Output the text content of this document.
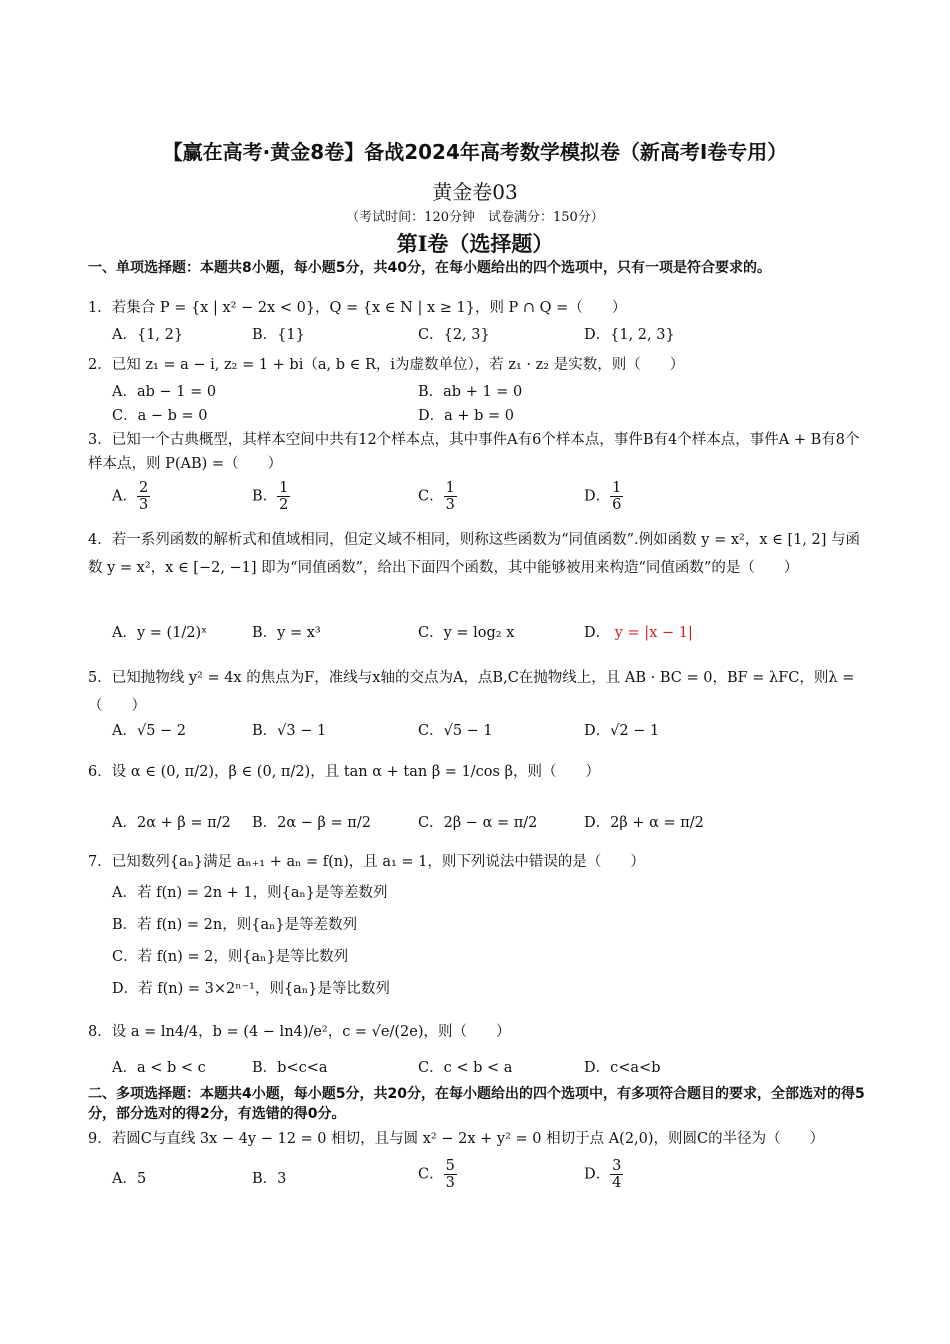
【赢在高考·黄金8卷】备战2024年高考数学模拟卷（新高考Ⅰ卷专用）
黄金卷03
（考试时间：120分钟　试卷满分：150分）
第Ⅰ卷（选择题）
一、单项选择题：本题共8小题，每小题5分，共40分，在每小题给出的四个选项中，只有一项是符合要求的。
1．若集合 P = {x | x² − 2x < 0}，Q = {x ∈ N | x ≥ 1}，则 P ∩ Q =（　　）
A．{1, 2}	B．{1}	C．{2, 3}	D．{1, 2, 3}
2．已知 z₁ = a − i, z₂ = 1 + bi（a, b ∈ R，i为虚数单位），若 z₁ · z₂ 是实数，则（　　）
A．ab − 1 = 0	B．ab + 1 = 0
C．a − b = 0	D．a + b = 0
3．已知一个古典概型，其样本空间中共有12个样本点，其中事件A有6个样本点，事件B有4个样本点，事件A + B有8个样本点，则 P(AB) =（　　）
A． $\frac{2}{3}$	B． $\frac{1}{2}$	C． $\frac{1}{3}$	D． $\frac{1}{6}$
4．若一系列函数的解析式和值域相同，但定义域不相同，则称这些函数为“同值函数”.例如函数 y = x²，x ∈ [1, 2] 与函数 y = x²，x ∈ [−2, −1] 即为“同值函数”，给出下面四个函数，其中能够被用来构造“同值函数”的是（　　）
A．y = (1/2)ˣ	B．y = x³	C．y = log₂ x	D． y = |x − 1|
5．已知抛物线 y² = 4x 的焦点为F，准线与x轴的交点为A，点B,C在抛物线上，且 AB · BC = 0，BF = λFC，则λ =（　　）
A．√5 − 2	B．√3 − 1	C．√5 − 1	D．√2 − 1
6．设 α ∈ (0, π/2)，β ∈ (0, π/2)，且 tan α + tan β = 1/cos β，则（　　）
A．2α + β = π/2 B．2α − β = π/2	C．2β − α = π/2	D．2β + α = π/2
7．已知数列{aₙ}满足 aₙ₊₁ + aₙ = f(n)，且 a₁ = 1，则下列说法中错误的是（　　）
A．若 f(n) = 2n + 1，则{aₙ}是等差数列
B．若 f(n) = 2n，则{aₙ}是等差数列
C．若 f(n) = 2，则{aₙ}是等比数列
D．若 f(n) = 3×2ⁿ⁻¹，则{aₙ}是等比数列
8．设 a = ln4/4，b = (4 − ln4)/e²，c = √e/(2e)，则（　　）
A．a < b < c	B．b<c<a	C．c < b < a	D．c<a<b
二、多项选择题：本题共4小题，每小题5分，共20分，在每小题给出的四个选项中，有多项符合题目的要求，全部选对的得5分，部分选对的得2分，有选错的得0分。
9．若圆C与直线 3x − 4y − 12 = 0 相切，且与圆 x² − 2x + y² = 0 相切于点 A(2,0)，则圆C的半径为（　　）
A．5	B．3	C． $\frac{5}{3}$	D． $\frac{3}{4}$
